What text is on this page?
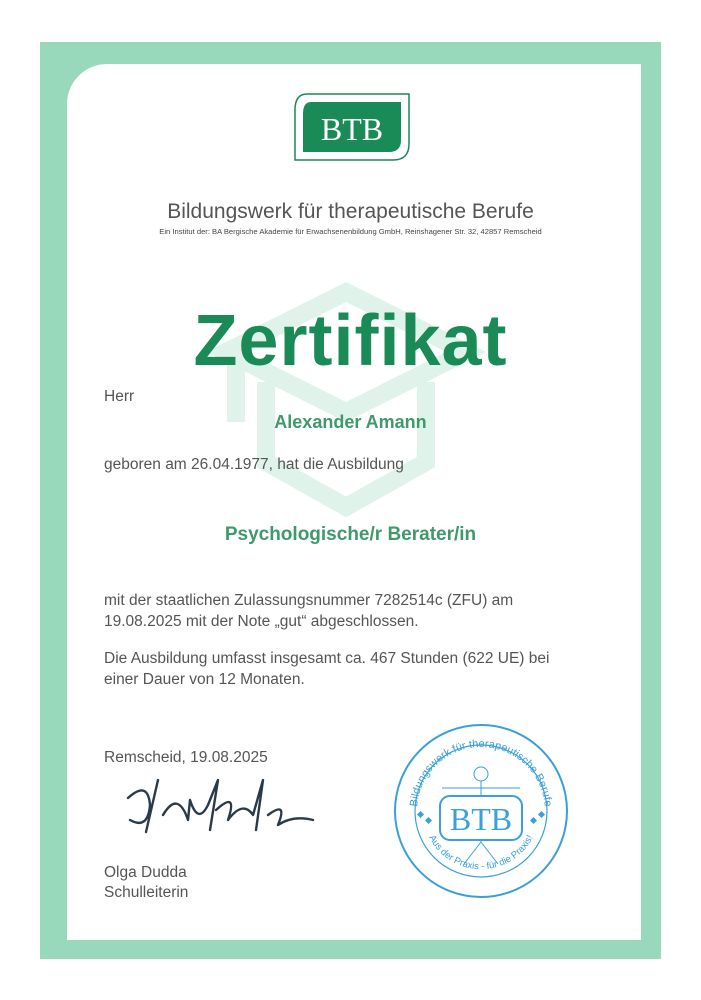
BTB
Bildungswerk für therapeutische Berufe
Ein Institut der: BA Bergische Akademie für Erwachsenenbildung GmbH, Reinshagener Str. 32, 42857 Remscheid
Zertifikat
Herr
Alexander Amann
geboren am 26.04.1977, hat die Ausbildung
Psychologische/r Berater/in
mit der staatlichen Zulassungsnummer 7282514c (ZFU) am
19.08.2025 mit der Note „gut“ abgeschlossen.
Die Ausbildung umfasst insgesamt ca. 467 Stunden (622 UE) bei
einer Dauer von 12 Monaten.
Remscheid, 19.08.2025
Olga Dudda
Schulleiterin
Bildungswerk für therapeutische Berufe
Aus der Praxis - für die Praxis!
BTB
